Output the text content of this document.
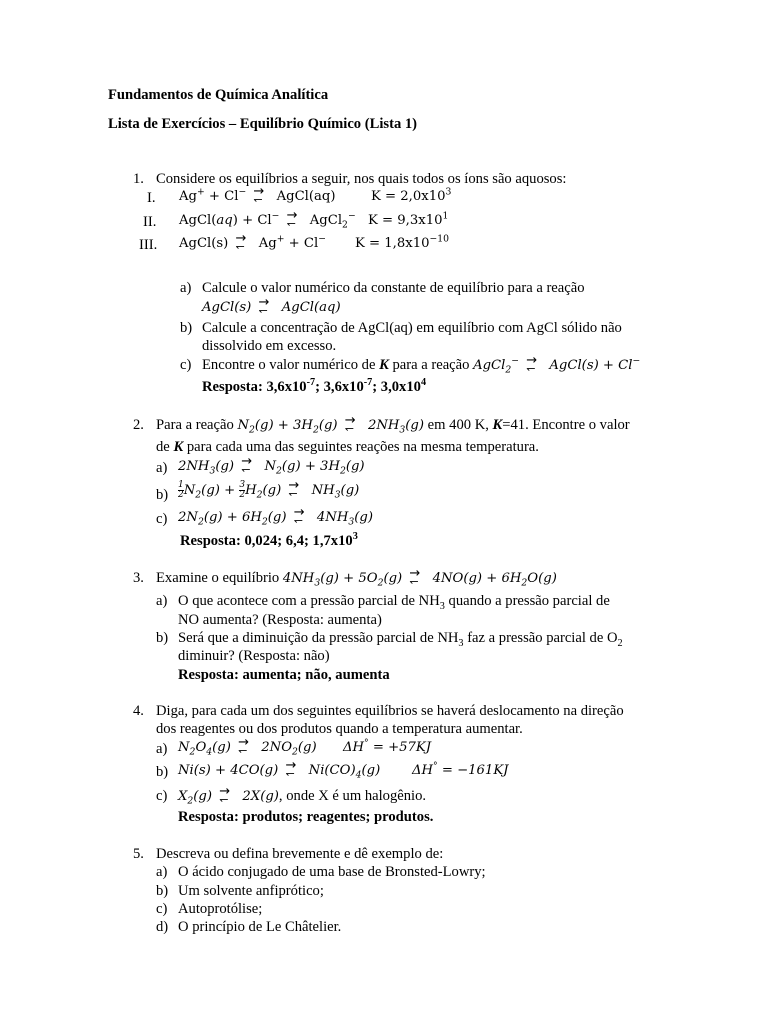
Fundamentos de Química Analítica
Lista de Exercícios – Equilíbrio Químico (Lista 1)
1. Considere os equilíbrios a seguir, nos quais todos os íons são aquosos:
I. Ag+ + Cl− → ↽ AgCl(aq)	$K = 2,0x10^3$
II. AgCl(aq) + Cl− → ↽ AgCl$_2$− $K = 9,3x10^1$
III. AgCl(s) → ↽ Ag+ + Cl− $K = 1,8x10^{-10}$
a) Calcule o valor numérico da constante de equilíbrio para a reação
AgCl(s) → ↽ AgCl(aq)
b) Calcule a concentração de AgCl(aq) em equilíbrio com AgCl sólido não
dissolvido em excesso.
c) Encontre o valor numérico de K para a reação AgCl$_2$− → ↽ AgCl(s) + Cl−
Resposta: $3,6x10^{-7}$; $3,6x10^{-7}$; $3,0x10^4$
2. Para a reação $N_2(g) + 3H_2(g)$ → ↽ $2NH_3(g)$ em 400 K, K=41. Encontre o valor
de K para cada uma das seguintes reações na mesma temperatura.
a) $2NH_3(g)$ → ↽ $N_2(g) + 3H_2(g)$
$b) \frac{1}{2} N_2(g) + \frac{3}{2} H_2(g)$ → ↽ $NH_3(g)$
c) $2N_2(g) + 6H_2(g)$ → ↽ $4NH_3(g)$
Resposta: 0,024; 6,4; $1,7x10^3$
3. Examine o equilíbrio $4NH_3(g) + 5O_2(g)$ → ↽ $4NO(g) + 6H_2O(g)$
a) O que acontece com a pressão parcial de $NH_3$ quando a pressão parcial de
NO aumenta? (Resposta: aumenta)
b) Será que a diminuição da pressão parcial de $NH_3$ faz a pressão parcial de $O_2$
diminuir? (Resposta: não)
Resposta: aumenta; não, aumenta
4. Diga, para cada um dos seguintes equilíbrios se haverá deslocamento na direção
dos reagentes ou dos produtos quando a temperatura aumentar.
a) $N_2O_4(g)$ → ↽ $2NO_2(g) \Delta H^\circ = +57KJ$
b) Ni(s) + 4CO(g) → ↽ $Ni(CO)_4(g) \Delta H^\circ = -161KJ$
c) $X_2(g)$ → ↽ 2X(g), onde X é um halogênio.
Resposta: produtos; reagentes; produtos.
5. Descreva ou defina brevemente e dê exemplo de:
a) O ácido conjugado de uma base de Bronsted-Lowry;
b) Um solvente anfiprótico;
c) Autoprotólise;
d) O princípio de Le Châtelier.
